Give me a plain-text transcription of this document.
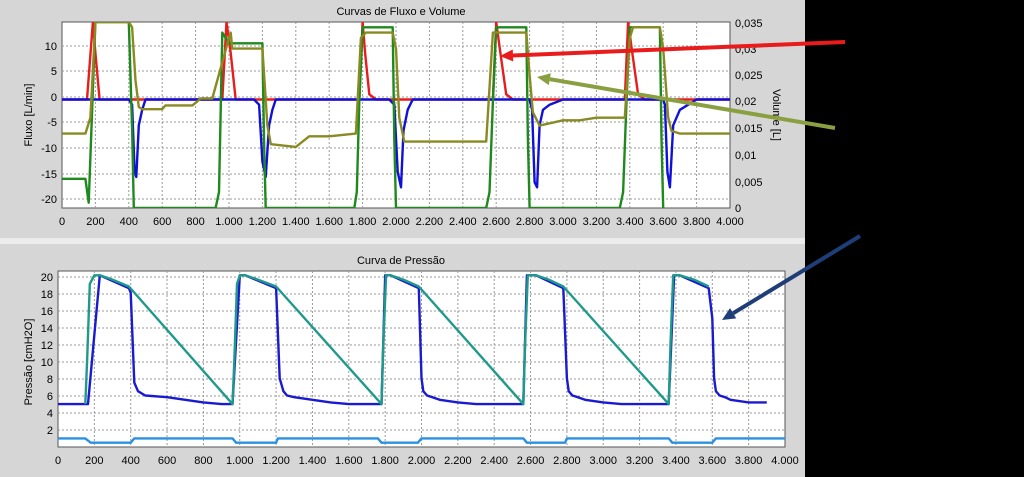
Curvas de Fluxo e Volume
Fluxo [L/min]	Volume [L]
0 200 400 600 800 1.000 1.200 1.400 1.600 1.800 2.000 2.200 2.400 2.600 2.800 3.000 3.200 3.400 3.600 3.800 4.000
10
5
0
-5
-10
-15
-20
0,035
0,03
0,025
0,02
0,015
0,01
0,005
0
Curva de Pressão
Pressão [cmH2O]
0 200 400 600 800 1.000 1.200 1.400 1.600 1.800 2.000 2.200 2.400 2.600 2.800 3.000 3.200 3.400 3.600 3.800 4.000
20
18
16
14
12
10
8
6
4
2
